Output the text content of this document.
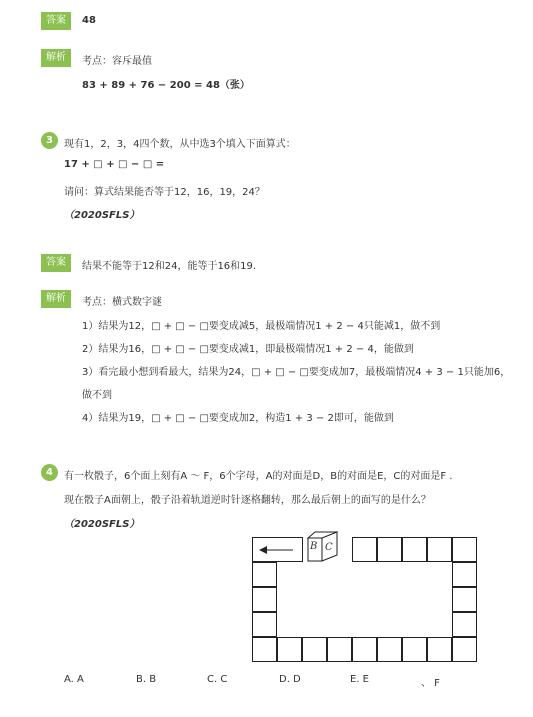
答案	48
解析	考点：容斥最值
83 + 89 + 76 − 200 = 48（张）
3	现有1，2，3，4四个数，从中选3个填入下面算式：
17 + □ + □ − □ =
请问：算式结果能否等于12，16，19，24？
（2020SFLS）
答案	结果不能等于12和24，能等于16和19.
解析	考点：横式数字谜
1）结果为12，□ + □ − □要变成减5，最极端情况1 + 2 − 4只能减1，做不到
2）结果为16，□ + □ − □要变成减1，即最极端情况1 + 2 − 4，能做到
3）看完最小想到看最大，结果为24，□ + □ − □要变成加7，最极端情况4 + 3 − 1只能加6，
做不到
4）结果为19，□ + □ − □要变成加2，构造1 + 3 − 2即可，能做到
4	有一枚骰子，6个面上刻有A ～ F，6个字母，A的对面是D，B的对面是E，C的对面是F .
现在骰子A面朝上，骰子沿着轨道逆时针逐格翻转，那么最后朝上的面写的是什么？
（2020SFLS）
B C
A. A	B. B	C. C	D. D	E. E	、 F
